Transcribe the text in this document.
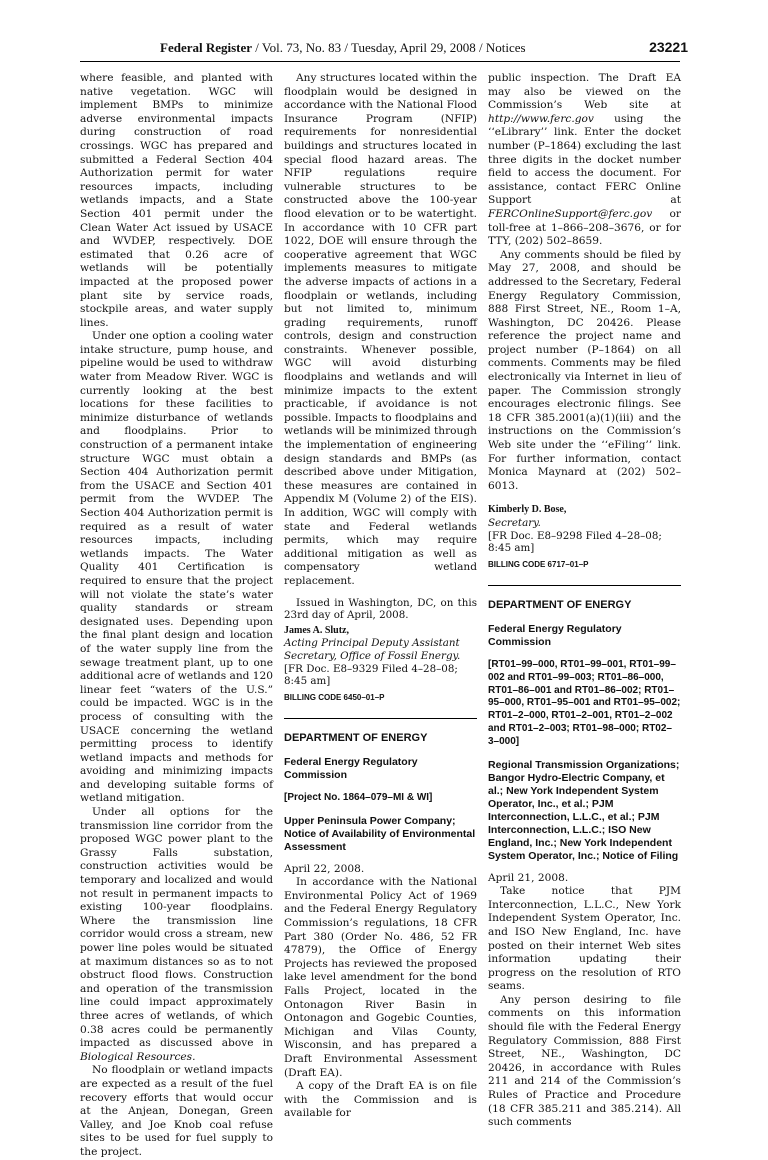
Federal Register / Vol. 73, No. 83 / Tuesday, April 29, 2008 / Notices	23221

where feasible, and planted with native vegetation. WGC will implement BMPs to minimize adverse environmental impacts during construction of road crossings. WGC has prepared and submitted a Federal Section 404 Authorization permit for water resources impacts, including wetlands impacts, and a State Section 401 permit under the Clean Water Act issued by USACE and WVDEP, respectively. DOE estimated that 0.26 acre of wetlands will be potentially impacted at the proposed power plant site by service roads, stockpile areas, and water supply lines.

Under one option a cooling water intake structure, pump house, and pipeline would be used to withdraw water from Meadow River. WGC is currently looking at the best locations for these facilities to minimize disturbance of wetlands and floodplains. Prior to construction of a permanent intake structure WGC must obtain a Section 404 Authorization permit from the USACE and Section 401 permit from the WVDEP. The Section 404 Authorization permit is required as a result of water resources impacts, including wetlands impacts. The Water Quality 401 Certification is required to ensure that the project will not violate the state’s water quality standards or stream designated uses. Depending upon the final plant design and location of the water supply line from the sewage treatment plant, up to one additional acre of wetlands and 120 linear feet “waters of the U.S.” could be impacted. WGC is in the process of consulting with the USACE concerning the wetland permitting process to identify wetland impacts and methods for avoiding and minimizing impacts and developing suitable forms of wetland mitigation.

Under all options for the transmission line corridor from the proposed WGC power plant to the Grassy Falls substation, construction activities would be temporary and localized and would not result in permanent impacts to existing 100-year floodplains. Where the transmission line corridor would cross a stream, new power line poles would be situated at maximum distances so as to not obstruct flood flows. Construction and operation of the transmission line could impact approximately three acres of wetlands, of which 0.38 acres could be permanently impacted as discussed above in Biological Resources.

No floodplain or wetland impacts are expected as a result of the fuel recovery efforts that would occur at the Anjean, Donegan, Green Valley, and Joe Knob coal refuse sites to be used for fuel supply to the project.

Any structures located within the floodplain would be designed in accordance with the National Flood Insurance Program (NFIP) requirements for nonresidential buildings and structures located in special flood hazard areas. The NFIP regulations require vulnerable structures to be constructed above the 100-year flood elevation or to be watertight. In accordance with 10 CFR part 1022, DOE will ensure through the cooperative agreement that WGC implements measures to mitigate the adverse impacts of actions in a floodplain or wetlands, including but not limited to, minimum grading requirements, runoff controls, design and construction constraints. Whenever possible, WGC will avoid disturbing floodplains and wetlands and will minimize impacts to the extent practicable, if avoidance is not possible. Impacts to floodplains and wetlands will be minimized through the implementation of engineering design standards and BMPs (as described above under Mitigation, these measures are contained in Appendix M (Volume 2) of the EIS). In addition, WGC will comply with state and Federal wetlands permits, which may require additional mitigation as well as compensatory wetland replacement.

Issued in Washington, DC, on this 23rd day of April, 2008.

James A. Slutz,
Acting Principal Deputy Assistant Secretary, Office of Fossil Energy.
[FR Doc. E8–9329 Filed 4–28–08; 8:45 am]
BILLING CODE 6450–01–P
DEPARTMENT OF ENERGY
Federal Energy Regulatory Commission
[Project No. 1864–079–MI & WI]
Upper Peninsula Power Company; Notice of Availability of Environmental Assessment

April 22, 2008.

In accordance with the National Environmental Policy Act of 1969 and the Federal Energy Regulatory Commission’s regulations, 18 CFR Part 380 (Order No. 486, 52 FR 47879), the Office of Energy Projects has reviewed the proposed lake level amendment for the bond Falls Project, located in the Ontonagon River Basin in Ontonagon and Gogebic Counties, Michigan and Vilas County, Wisconsin, and has prepared a Draft Environmental Assessment (Draft EA).

A copy of the Draft EA is on file with the Commission and is available for

public inspection. The Draft EA may also be viewed on the Commission’s Web site at http://www.ferc.gov using the ‘‘eLibrary’’ link. Enter the docket number (P–1864) excluding the last three digits in the docket number field to access the document. For assistance, contact FERC Online Support at FERCOnlineSupport@ferc.gov or toll-free at 1–866–208–3676, or for TTY, (202) 502–8659.

Any comments should be filed by May 27, 2008, and should be addressed to the Secretary, Federal Energy Regulatory Commission, 888 First Street, NE., Room 1–A, Washington, DC 20426. Please reference the project name and project number (P–1864) on all comments. Comments may be filed electronically via Internet in lieu of paper. The Commission strongly encourages electronic filings. See 18 CFR 385.2001(a)(1)(iii) and the instructions on the Commission’s Web site under the ‘‘eFiling’’ link. For further information, contact Monica Maynard at (202) 502–6013.

Kimberly D. Bose,
Secretary.
[FR Doc. E8–9298 Filed 4–28–08; 8:45 am]
BILLING CODE 6717–01–P
DEPARTMENT OF ENERGY
Federal Energy Regulatory Commission
[RT01–99–000, RT01–99–001, RT01–99–002 and RT01–99–003; RT01–86–000, RT01–86–001 and RT01–86–002; RT01–95–000, RT01–95–001 and RT01–95–002; RT01–2–000, RT01–2–001, RT01–2–002 and RT01–2–003; RT01–98–000; RT02–3–000]
Regional Transmission Organizations; Bangor Hydro-Electric Company, et al.; New York Independent System Operator, Inc., et al.; PJM Interconnection, L.L.C., et al.; PJM Interconnection, L.L.C.; ISO New England, Inc.; New York Independent System Operator, Inc.; Notice of Filing

April 21, 2008.

Take notice that PJM Interconnection, L.L.C., New York Independent System Operator, Inc. and ISO New England, Inc. have posted on their internet Web sites information updating their progress on the resolution of RTO seams.

Any person desiring to file comments on this information should file with the Federal Energy Regulatory Commission, 888 First Street, NE., Washington, DC 20426, in accordance with Rules 211 and 214 of the Commission’s Rules of Practice and Procedure (18 CFR 385.211 and 385.214). All such comments
